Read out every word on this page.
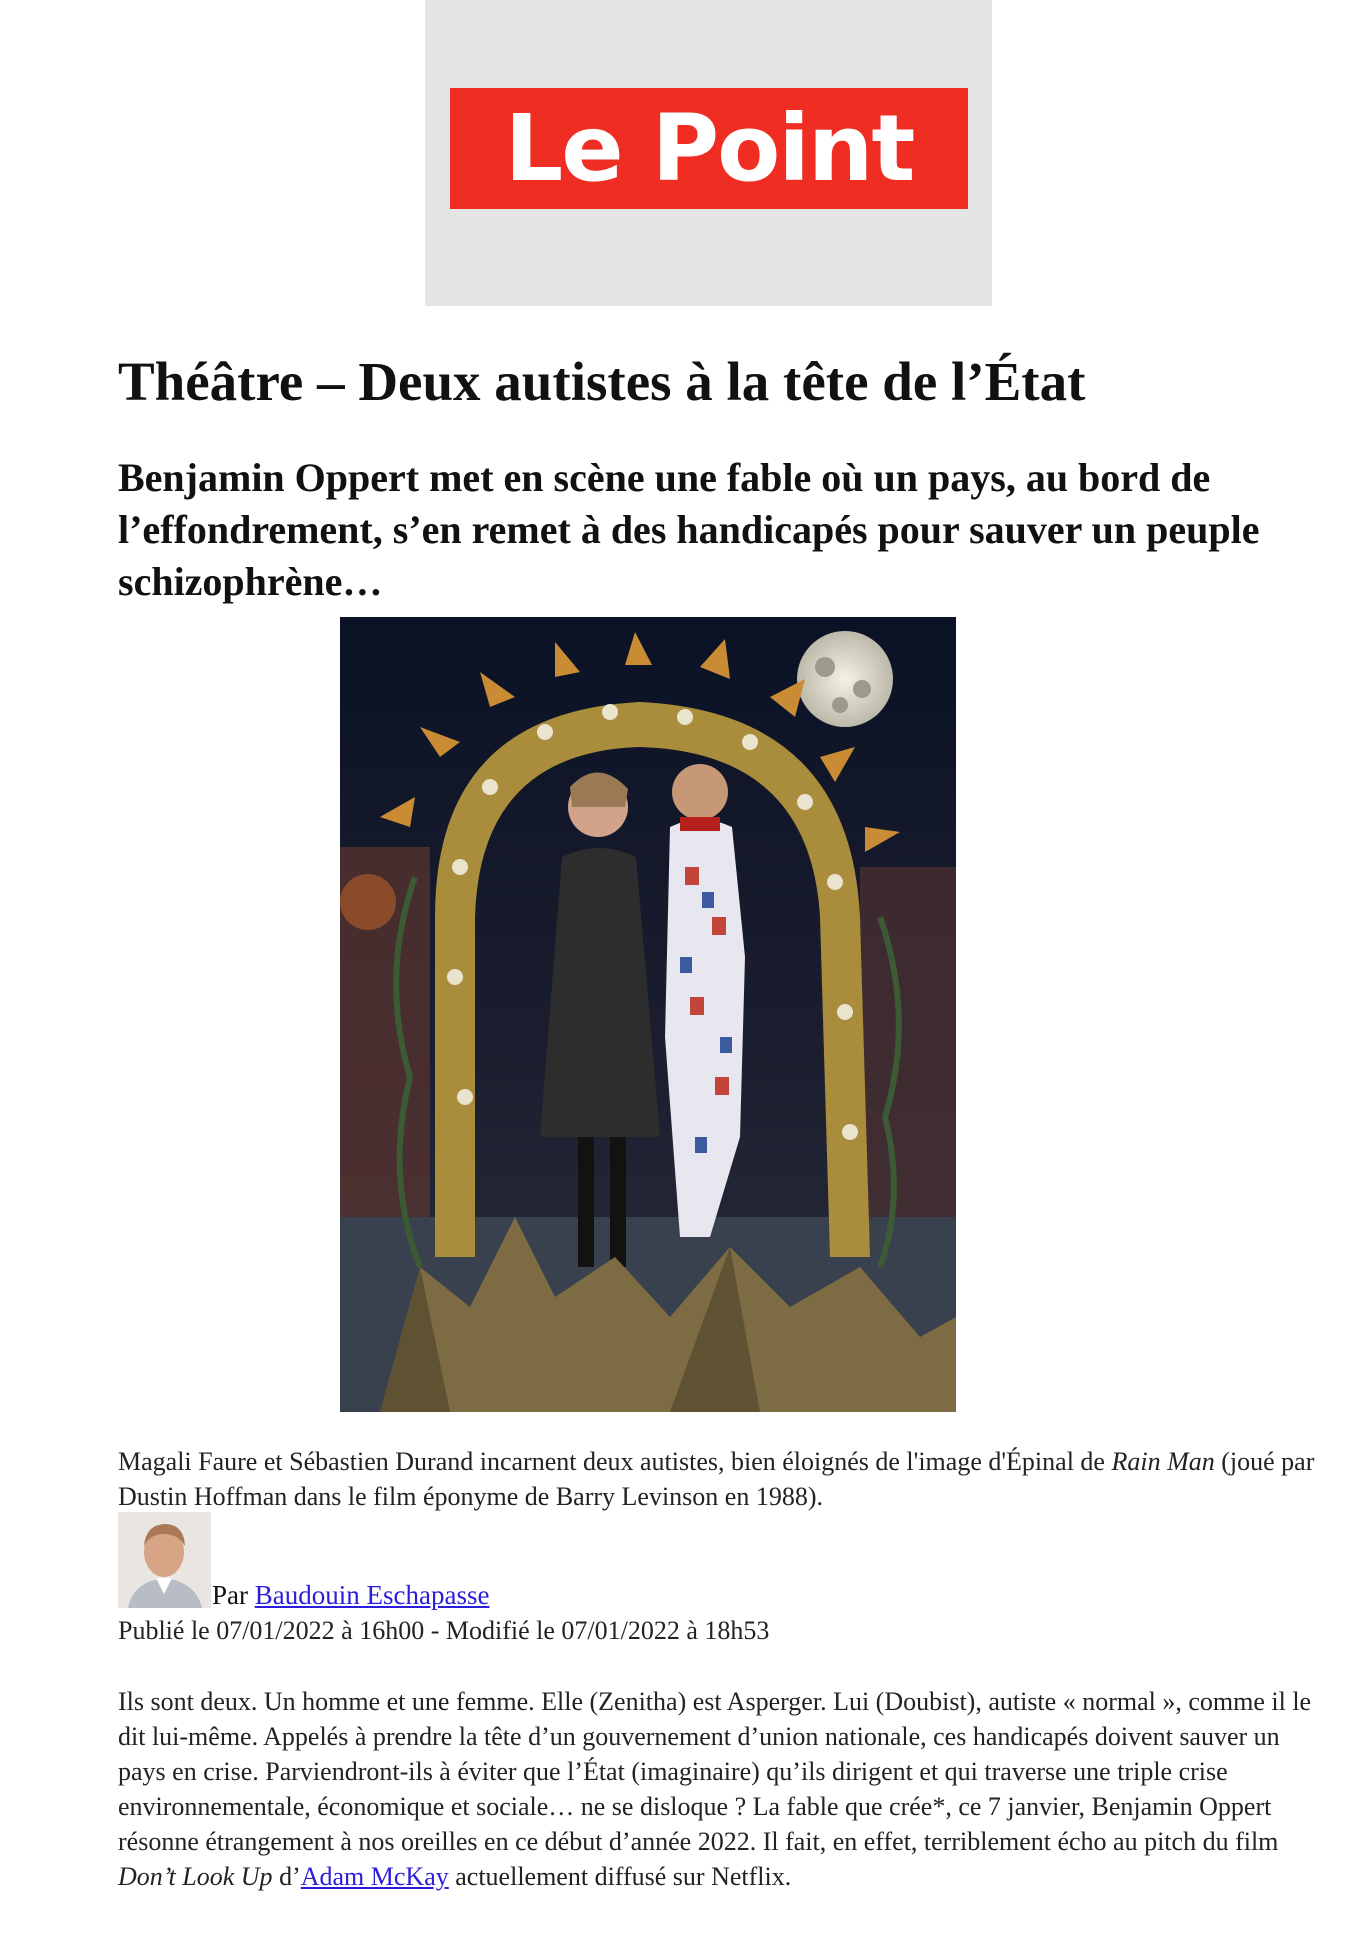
Le Point
Théâtre – Deux autistes à la tête de l’État
Benjamin Oppert met en scène une fable où un pays, au bord de l’effondrement, s’en remet à des handicapés pour sauver un peuple schizophrène…

Magali Faure et Sébastien Durand incarnent deux autistes, bien éloignés de l'image d'Épinal de Rain Man (joué par Dustin Hoffman dans le film éponyme de Barry Levinson en 1988).

Par Baudouin Eschapasse
Publié le 07/01/2022 à 16h00 - Modifié le 07/01/2022 à 18h53

Ils sont deux. Un homme et une femme. Elle (Zenitha) est Asperger. Lui (Doubist), autiste « normal », comme il le dit lui-même. Appelés à prendre la tête d’un gouvernement d’union nationale, ces handicapés doivent sauver un pays en crise. Parviendront-ils à éviter que l’État (imaginaire) qu’ils dirigent et qui traverse une triple crise environnementale, économique et sociale… ne se disloque ? La fable que crée*, ce 7 janvier, Benjamin Oppert résonne étrangement à nos oreilles en ce début d’année 2022. Il fait, en effet, terriblement écho au pitch du film Don’t Look Up d’Adam McKay actuellement diffusé sur Netflix.
